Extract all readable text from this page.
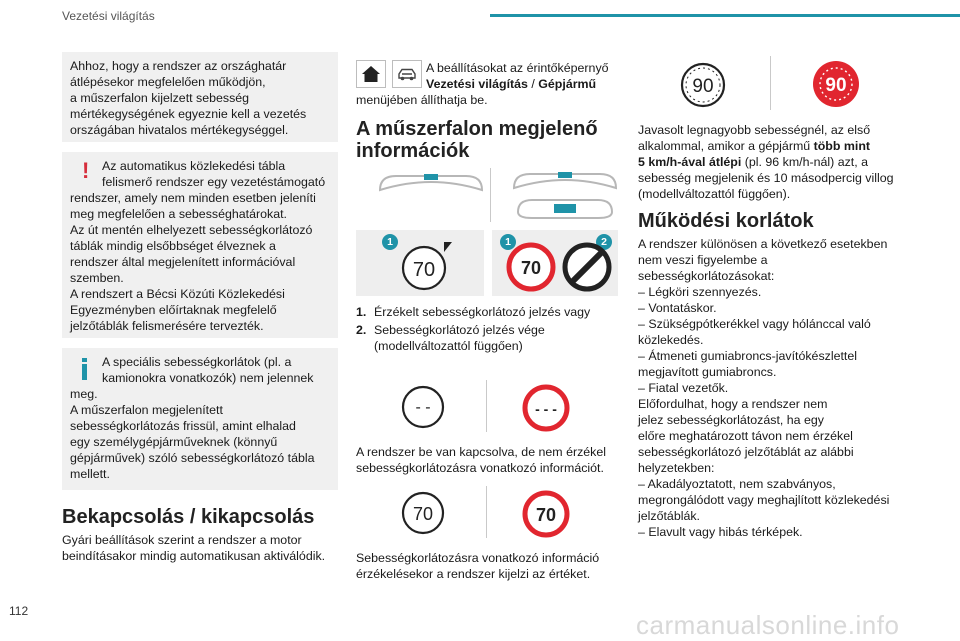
Vezetési világítás
112

Ahhoz, hogy a rendszer az országhatár
átlépésekor megfelelően működjön,
a műszerfalon kijelzett sebesség
mértékegységének egyeznie kell a vezetés
országában hivatalos mértékegységgel.

!	Az automatikus közlekedési tábla felismerő rendszer egy vezetéstámogató

rendszer, amely nem minden esetben jeleníti
meg megfelelően a sebességhatárokat.
Az út mentén elhelyezett sebességkorlátozó
táblák mindig elsőbbséget élveznek a
rendszer által megjelenített információval
szemben.
A rendszert a Bécsi Közúti Közlekedési
Egyezményben előírtaknak megfelelő
jelzőtáblák felismerésére tervezték.

A speciális sebességkorlátok (pl. a kamionokra vonatkozók) nem jelennek

meg.
A műszerfalon megjelenített
sebességkorlátozás frissül, amint elhalad
egy személygépjárműveknek (könnyű
gépjárművek) szóló sebességkorlátozó tábla
mellett.

Bekapcsolás / kikapcsolás

Gyári beállítások szerint a rendszer a motor
beindításakor mindig automatikusan aktiválódik.

A beállításokat az érintőképernyő
Vezetési világítás / Gépjármű

menüjében állíthatja be.

A műszerfalon megjelenő információk
1	1	2
70	70
1. Érzékelt sebességkorlátozó jelzés vagy
2. Sebességkorlátozó jelzés vége (modellváltozattól függően)
- -	- - -

A rendszer be van kapcsolva, de nem érzékel
sebességkorlátozásra vonatkozó információt.

70	70

Sebességkorlátozásra vonatkozó információ
érzékelésekor a rendszer kijelzi az értéket.

90	90

Javasolt legnagyobb sebességnél, az első
alkalommal, amikor a gépjármű több mint
5 km/h-ával átlépi (pl. 96 km/h-nál) azt, a
sebesség megjelenik és 10 másodpercig villog
(modellváltozattól függően).

Működési korlátok

A rendszer különösen a következő esetekben
nem veszi figyelembe a sebességkorlátozásokat:
– Légköri szennyezés.
– Vontatáskor.
– Szükségpótkerékkel vagy hólánccal való
közlekedés.
– Átmeneti gumiabroncs-javítókészlettel
megjavított gumiabroncs.
– Fiatal vezetők.
Előfordulhat, hogy a rendszer nem
jelez sebességkorlátozást, ha egy
előre meghatározott távon nem érzékel
sebességkorlátozó jelzőtáblát az alábbi
helyzetekben:
– Akadályoztatott, nem szabványos,
megrongálódott vagy meghajlított közlekedési
jelzőtáblák.
– Elavult vagy hibás térképek.

carmanualsonline.info
